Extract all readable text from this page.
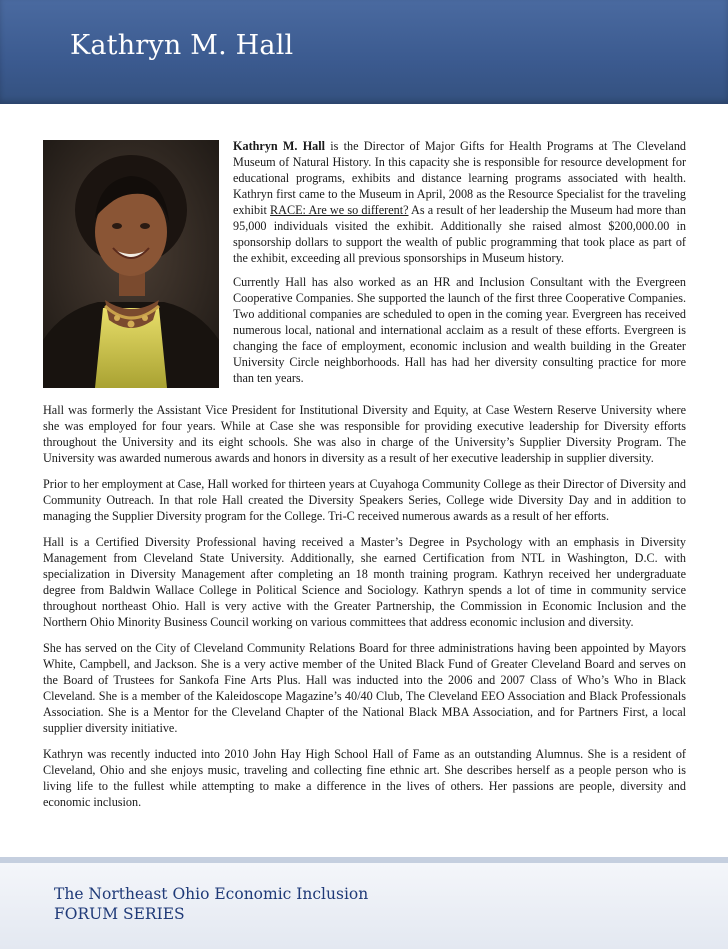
Kathryn M. Hall

Kathryn M. Hall is the Director of Major Gifts for Health Programs at The Cleveland Museum of Natural History. In this capacity she is responsible for resource development for educational programs, exhibits and distance learning programs associated with health. Kathryn first came to the Museum in April, 2008 as the Resource Specialist for the traveling exhibit RACE: Are we so different? As a result of her leadership the Museum had more than 95,000 individuals visited the exhibit. Additionally she raised almost $200,000.00 in sponsorship dollars to support the wealth of public programming that took place as part of the exhibit, exceeding all previous sponsorships in Museum history.

Currently Hall has also worked as an HR and Inclusion Consultant with the Evergreen Cooperative Companies. She supported the launch of the first three Cooperative Companies. Two additional companies are scheduled to open in the coming year. Evergreen has received numerous local, national and international acclaim as a result of these efforts. Evergreen is changing the face of employment, economic inclusion and wealth building in the Greater University Circle neighborhoods. Hall has had her diversity consulting practice for more than ten years.

Hall was formerly the Assistant Vice President for Institutional Diversity and Equity, at Case Western Reserve University where she was employed for four years. While at Case she was responsible for providing executive leadership for Diversity efforts throughout the University and its eight schools. She was also in charge of the University’s Supplier Diversity Program. The University was awarded numerous awards and honors in diversity as a result of her executive leadership in supplier diversity.

Prior to her employment at Case, Hall worked for thirteen years at Cuyahoga Community College as their Director of Diversity and Community Outreach. In that role Hall created the Diversity Speakers Series, College wide Diversity Day and in addition to managing the Supplier Diversity program for the College. Tri-C received numerous awards as a result of her efforts.

Hall is a Certified Diversity Professional having received a Master’s Degree in Psychology with an emphasis in Diversity Management from Cleveland State University. Additionally, she earned Certification from NTL in Washington, D.C. with specialization in Diversity Management after completing an 18 month training program. Kathryn received her undergraduate degree from Baldwin Wallace College in Political Science and Sociology. Kathryn spends a lot of time in community service throughout northeast Ohio. Hall is very active with the Greater Partnership, the Commission in Economic Inclusion and the Northern Ohio Minority Business Council working on various committees that address economic inclusion and diversity.

She has served on the City of Cleveland Community Relations Board for three administrations having been appointed by Mayors White, Campbell, and Jackson. She is a very active member of the United Black Fund of Greater Cleveland Board and serves on the Board of Trustees for Sankofa Fine Arts Plus. Hall was inducted into the 2006 and 2007 Class of Who’s Who in Black Cleveland. She is a member of the Kaleidoscope Magazine’s 40/40 Club, The Cleveland EEO Association and Black Professionals Association. She is a Mentor for the Cleveland Chapter of the National Black MBA Association, and for Partners First, a local supplier diversity initiative.

Kathryn was recently inducted into 2010 John Hay High School Hall of Fame as an outstanding Alumnus. She is a resident of Cleveland, Ohio and she enjoys music, traveling and collecting fine ethnic art. She describes herself as a people person who is living life to the fullest while attempting to make a difference in the lives of others. Her passions are people, diversity and economic inclusion.

The Northeast Ohio Economic Inclusion
FORUM SERIES
